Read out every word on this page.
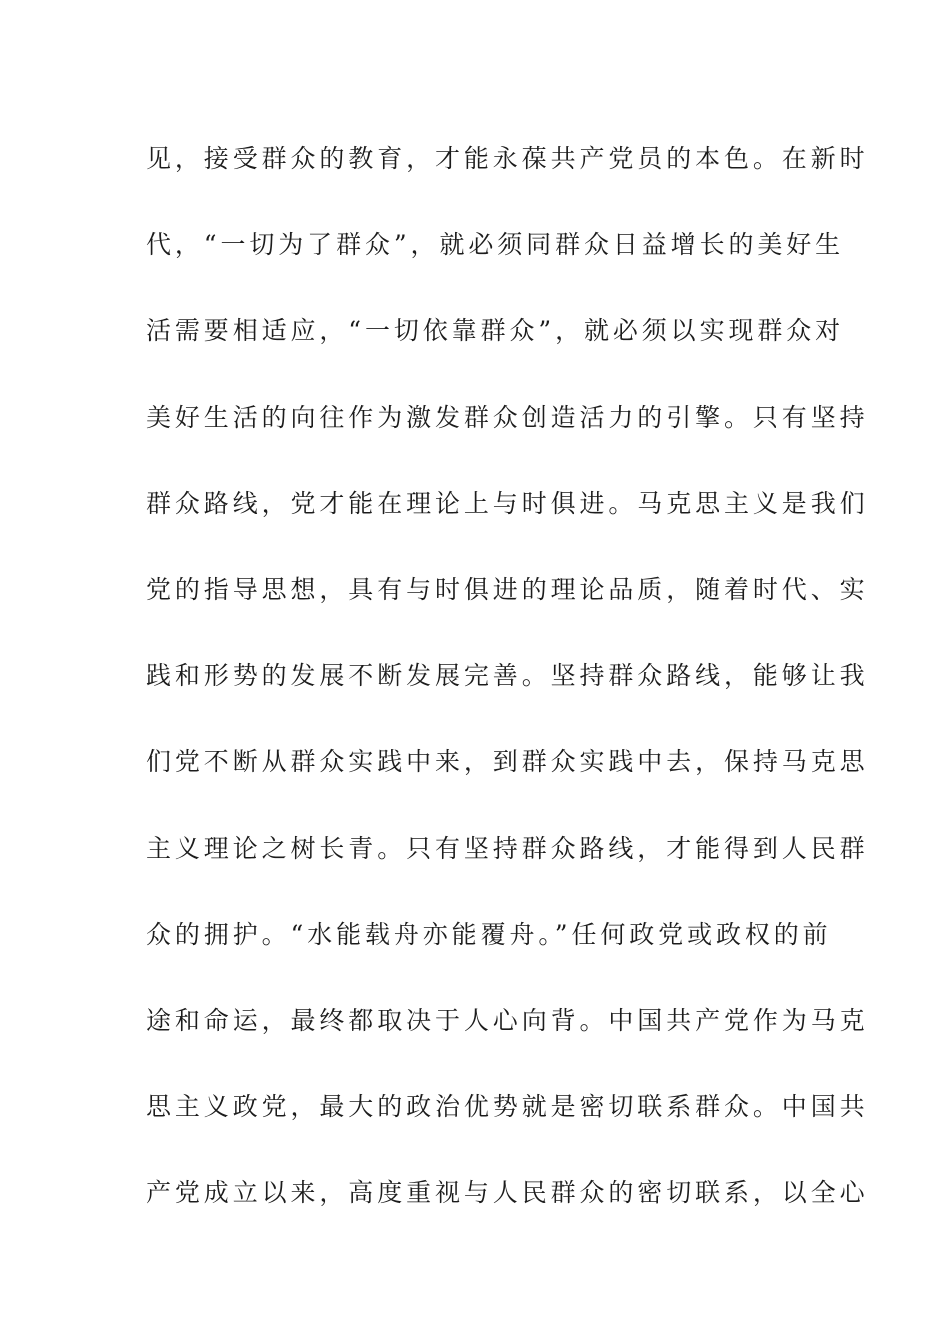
见，接受群众的教育，才能永葆共产党员的本色。在新时
代，“一切为了群众”，就必须同群众日益增长的美好生
活需要相适应，“一切依靠群众”，就必须以实现群众对
美好生活的向往作为激发群众创造活力的引擎。只有坚持
群众路线，党才能在理论上与时俱进。马克思主义是我们
党的指导思想，具有与时俱进的理论品质，随着时代、实
践和形势的发展不断发展完善。坚持群众路线，能够让我
们党不断从群众实践中来，到群众实践中去，保持马克思
主义理论之树长青。只有坚持群众路线，才能得到人民群
众的拥护。“水能载舟亦能覆舟。”任何政党或政权的前
途和命运，最终都取决于人心向背。中国共产党作为马克
思主义政党，最大的政治优势就是密切联系群众。中国共
产党成立以来，高度重视与人民群众的密切联系，以全心
